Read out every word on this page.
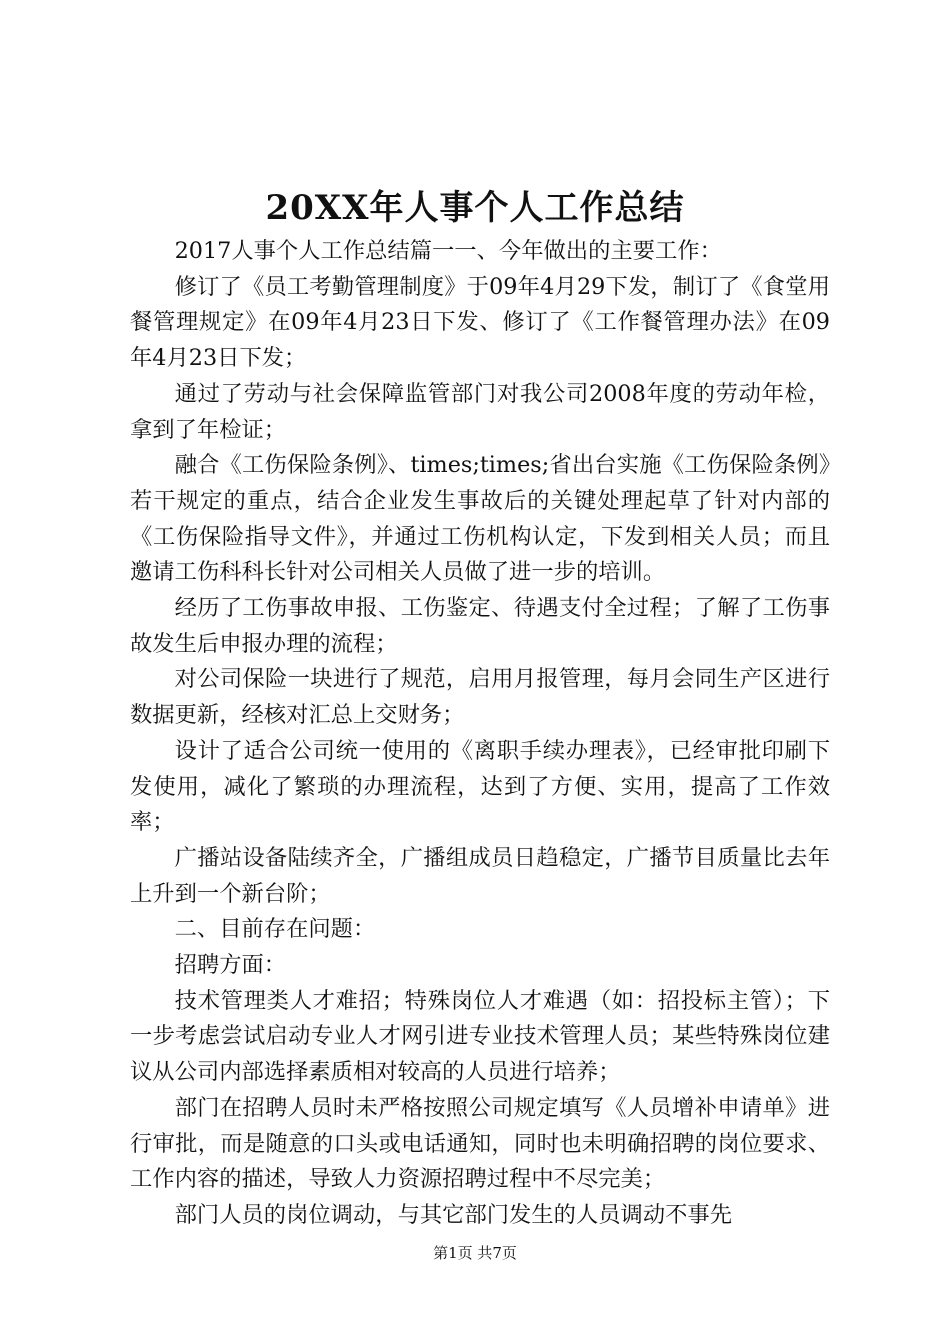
20XX年人事个人工作总结

2017人事个人工作总结篇一一、今年做出的主要工作：

修订了《员工考勤管理制度》于09年4月29下发，制订了《食堂用餐管理规定》在09年4月23日下发、修订了《工作餐管理办法》在09年4月23日下发；

通过了劳动与社会保障监管部门对我公司2008年度的劳动年检，拿到了年检证；

融合《工伤保险条例》、times;times;省出台实施《工伤保险条例》若干规定的重点，结合企业发生事故后的关键处理起草了针对内部的《工伤保险指导文件》，并通过工伤机构认定，下发到相关人员；而且邀请工伤科科长针对公司相关人员做了进一步的培训。

经历了工伤事故申报、工伤鉴定、待遇支付全过程；了解了工伤事故发生后申报办理的流程；

对公司保险一块进行了规范，启用月报管理，每月会同生产区进行数据更新，经核对汇总上交财务；

设计了适合公司统一使用的《离职手续办理表》，已经审批印刷下发使用，减化了繁琐的办理流程，达到了方便、实用，提高了工作效率；

广播站设备陆续齐全，广播组成员日趋稳定，广播节目质量比去年上升到一个新台阶；

二、目前存在问题：

招聘方面：

技术管理类人才难招；特殊岗位人才难遇（如：招投标主管）；下一步考虑尝试启动专业人才网引进专业技术管理人员；某些特殊岗位建议从公司内部选择素质相对较高的人员进行培养；

部门在招聘人员时未严格按照公司规定填写《人员增补申请单》进行审批，而是随意的口头或电话通知，同时也未明确招聘的岗位要求、工作内容的描述，导致人力资源招聘过程中不尽完美；

部门人员的岗位调动，与其它部门发生的人员调动不事先

第1页 共7页
